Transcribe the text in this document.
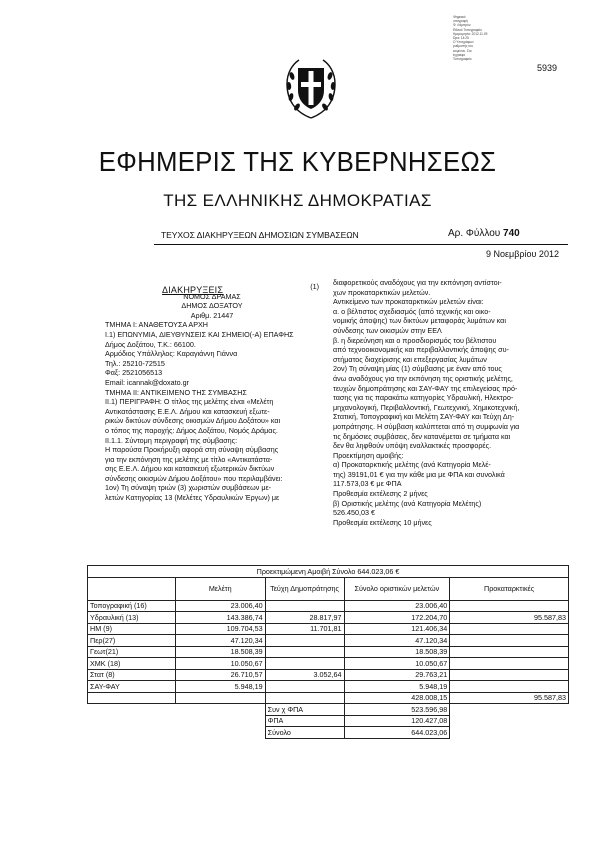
Ψηφιακά
υπογραφή
Φ. Λάμπρου
Εθνικό Τυπογραφείο
Ημερομηνία: 2012.11.09
Ώρα: 14:25
Ο Υπογράφων
ρυθμιστής του
κειμένου. Στο
έγγραφο
Τυπογραφείο
5939
ΕΦΗΜΕΡΙΣ ΤΗΣ ΚΥΒΕΡΝΗΣΕΩΣ
ΤΗΣ ΕΛΛΗΝΙΚΗΣ ΔΗΜΟΚΡΑΤΙΑΣ
ΤΕΥΧΟΣ ΔΙΑΚΗΡΥΞΕΩΝ ΔΗΜΟΣΙΩΝ ΣΥΜΒΑΣΕΩΝ	Αρ. Φύλλου 740
9 Νοεμβρίου 2012
ΔΙΑΚΗΡΥΞΕΙΣ	(1)
ΝΟΜΟΣ ΔΡΑΜΑΣ
ΔΗΜΟΣ ΔΟΞΑΤΟΥ
Αριθμ. 21447
ΤΜΗΜΑ Ι: ΑΝΑΘΕΤΟΥΣΑ ΑΡΧΗ
Ι.1) ΕΠΩΝΥΜΙΑ, ΔΙΕΥΘΥΝΣΕΙΣ ΚΑΙ ΣΗΜΕΙΟ(-Α) ΕΠΑΦΗΣ
Δήμος Δοξάτου, Τ.Κ.: 66100.
Αρμόδιος Υπάλληλος: Καραγιάννη Γιάννα
Τηλ.: 25210-72515
Φαξ: 2521056513
Email: icannak@doxato.gr
ΤΜΗΜΑ ΙΙ: ΑΝΤΙΚΕΙΜΕΝΟ ΤΗΣ ΣΥΜΒΑΣΗΣ
ΙΙ.1) ΠΕΡΙΓΡΑΦΗ: Ο τίτλος της μελέτης είναι «Μελέτη
Αντικατάστασης Ε.Ε.Λ. Δήμου και κατασκευή εξωτε-
ρικών δικτύων σύνδεσης οικισμών Δήμου Δοξάτου» και
ο τόπος της παροχής: Δήμος Δοξάτου, Νομός Δράμας.
ΙΙ.1.1. Σύντομη περιγραφή της σύμβασης:
Η παρούσα Προκήρυξη αφορά στη σύναψη σύμβασης
για την εκπόνηση της μελέτης με τίτλο «Αντικατάστα-
σης Ε.Ε.Λ. Δήμου και κατασκευή εξωτερικών δικτύων
σύνδεσης οικισμών Δήμου Δοξάτου» που περιλαμβάνει:
1ον) Τη σύναψη τριών (3) χωριστών συμβάσεων με-
λετών Κατηγορίας 13 (Μελέτες Υδραυλικών Έργων) με
διαφορετικούς αναδόχους για την εκπόνηση αντίστοι-
χων προκαταρκτικών μελετών.
Αντικείμενο των προκαταρκτικών μελετών είναι:
α. ο βέλτιστος σχεδιασμός (από τεχνικής και οικο-
νομικής άποψης) των δικτύων μεταφοράς λυμάτων και
σύνδεσης των οικισμών στην ΕΕΛ
β. η διερεύνηση και ο προσδιορισμός του βέλτιστου
από τεχνοοικονομικής και περιβαλλοντικής άποψης συ-
στήματος διαχείρισης και επεξεργασίας λυμάτων
2ον) Τη σύναψη μίας (1) σύμβασης με έναν από τους
άνω αναδόχους για την εκπόνηση της οριστικής μελέτης,
τευχών δημοπράτησης και ΣΑΥ-ΦΑΥ της επιλεγείσας πρό-
τασης για τις παρακάτω κατηγορίες Υδραυλική, Ηλεκτρο-
μηχανολογική, Περιβαλλοντική, Γεωτεχνική, Χημικοτεχνική,
Στατική, Τοπογραφική και Μελέτη ΣΑΥ-ΦΑΥ και Τεύχη Δη-
μοπράτησης. Η σύμβαση καλύπτεται από τη συμφωνία για
τις δημόσιες συμβάσεις, δεν κατανέμεται σε τμήματα και
δεν θα ληφθούν υπόψη εναλλακτικές προσφορές.
Προεκτίμηση αμοιβής:
α) Προκαταρκτικής μελέτης (ανά Κατηγορία Μελέ-
της) 39191,01 € για την κάθε μια με ΦΠΑ και συνολικά
117.573,03 € με ΦΠΑ
Προθεσμία εκτέλεσης 2 μήνες
β) Οριστικής μελέτης (ανά Κατηγορία Μελέτης)
526.450,03 €
Προθεσμία εκτέλεσης 10 μήνες
Προεκτιμώμενη Αμοιβή Σύνολο 644.023,06 €				
	Μελέτη	Τεύχη Δημοπράτησης	Σύνολο οριστικών μελετών	Προκαταρκτικές
Τοπογραφική (16)	23.006,40		23.006,40	
Υδραυλική (13)	143.386,74	28.817,97	172.204,70	95.587,83
ΗΜ (9)	109.704,53	11.701,81	121.406,34	
Περ(27)	47.120,34		47.120,34	
Γεωτ(21)	18.508,39		18.508,39	
ΧΜΚ (18)	10.050,67		10.050,67	
Στατ (8)	26.710,57	3.052,64	29.763,21	
ΣΑΥ-ΦΑΥ	5.948,19		5.948,19	
			428.008,15	95.587,83
		Συν χ ΦΠΑ	523.596,98	
		ΦΠΑ	120.427,08	
		Σύνολο	644.023,06	
